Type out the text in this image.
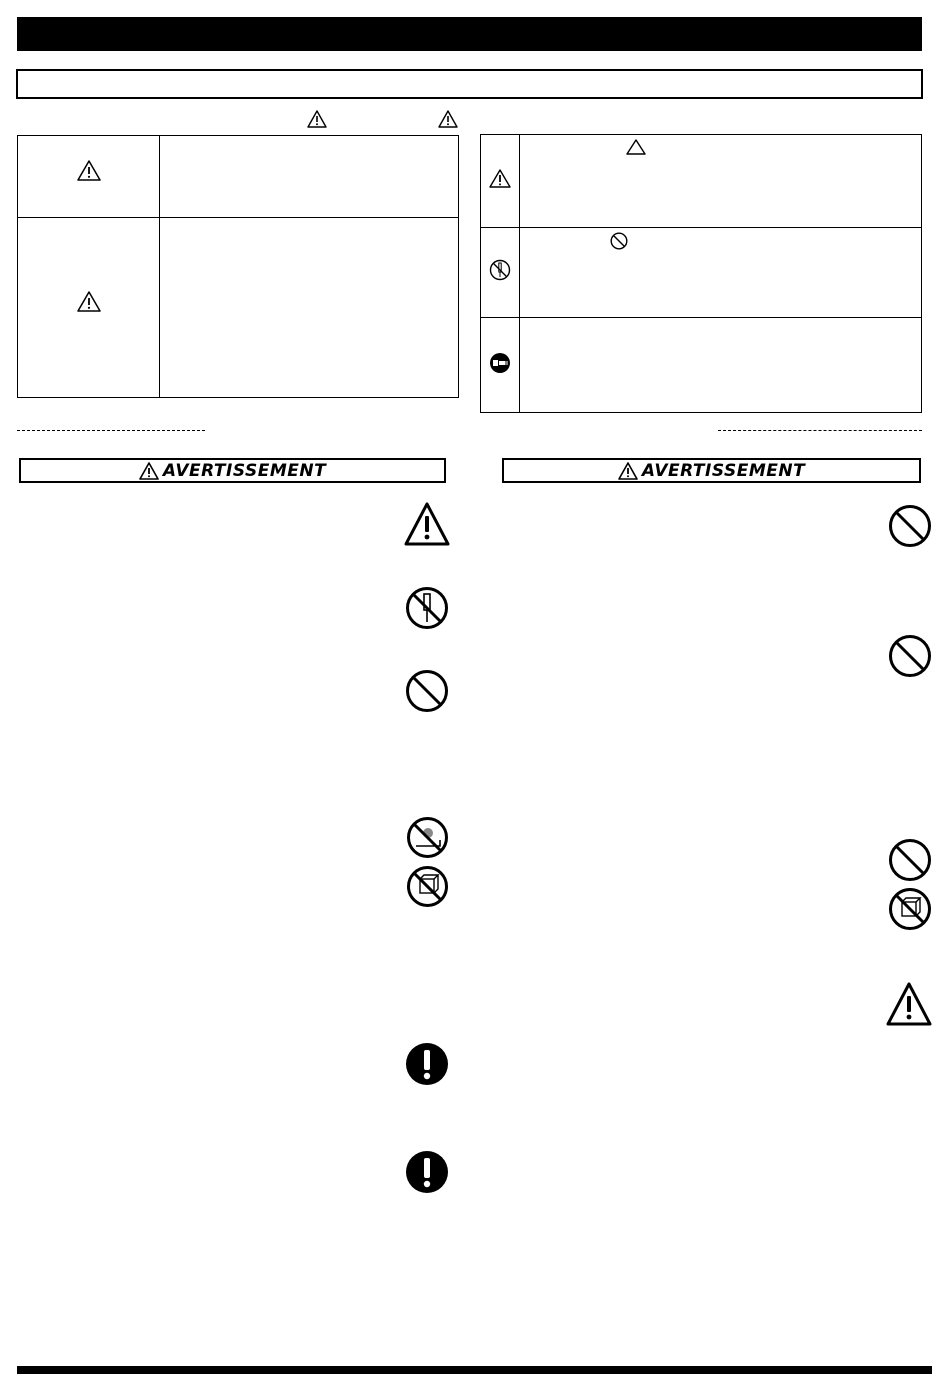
AVERTISSEMENT	AVERTISSEMENT
